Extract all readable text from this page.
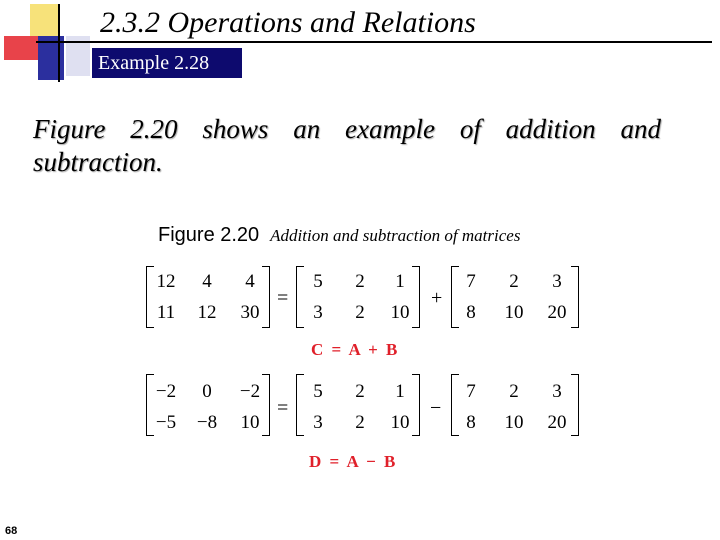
2.3.2 Operations and Relations
Example 2.28
Figure 2.20 shows an example of addition and subtraction.
Figure 2.20 Addition and subtraction of matrices
12	4	4
11	12	30
=
5	2	1
3	2	10
+
7	2	3
8	10	20
C = A + B
−2	0	−2
−5	−8	10
=
5	2	1
3	2	10
−
7	2	3
8	10	20
D = A − B
68
